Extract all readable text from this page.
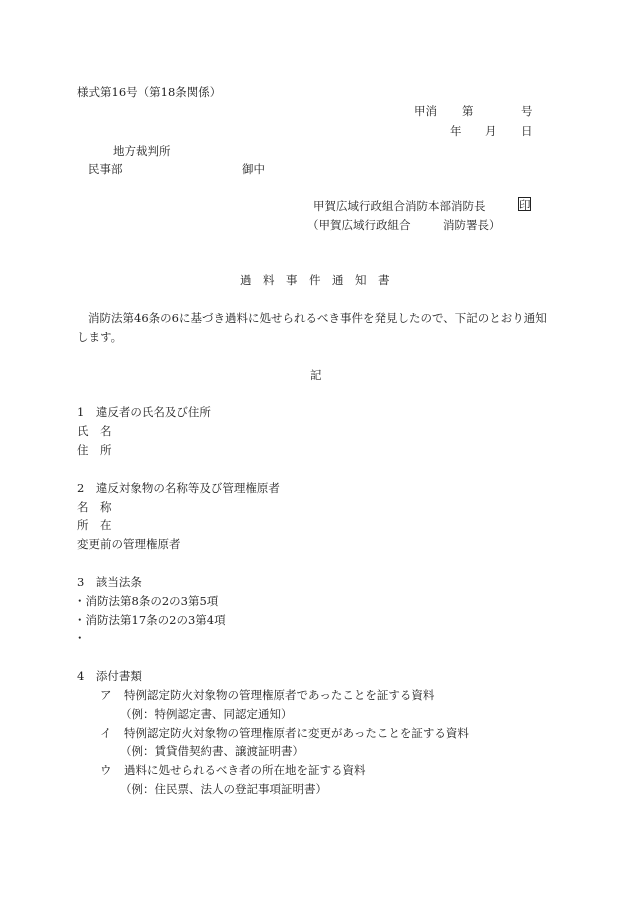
様式第16号（第18条関係）
甲消 第	号
年 月 日
地方裁判所
民事部	御中
甲賀広域行政組合消防本部消防長	印
（甲賀広域行政組合	消防署長）
過　料　事　件　通　知　書
消防法第46条の6に基づき過料に処せられるべき事件を発見したので、下記のとおり通知
します。
記
1　違反者の氏名及び住所
氏　名
住　所
2　違反対象物の名称等及び管理権原者
名　称
所　在
変更前の管理権原者
3　該当法条
・消防法第8条の2の3第5項
・消防法第17条の2の3第4項
・
4　添付書類
ア 特例認定防火対象物の管理権原者であったことを証する資料
（例：特例認定書、同認定通知）
イ 特例認定防火対象物の管理権原者に変更があったことを証する資料
（例：賃貸借契約書、譲渡証明書）
ウ 過料に処せられるべき者の所在地を証する資料
（例：住民票、法人の登記事項証明書）
